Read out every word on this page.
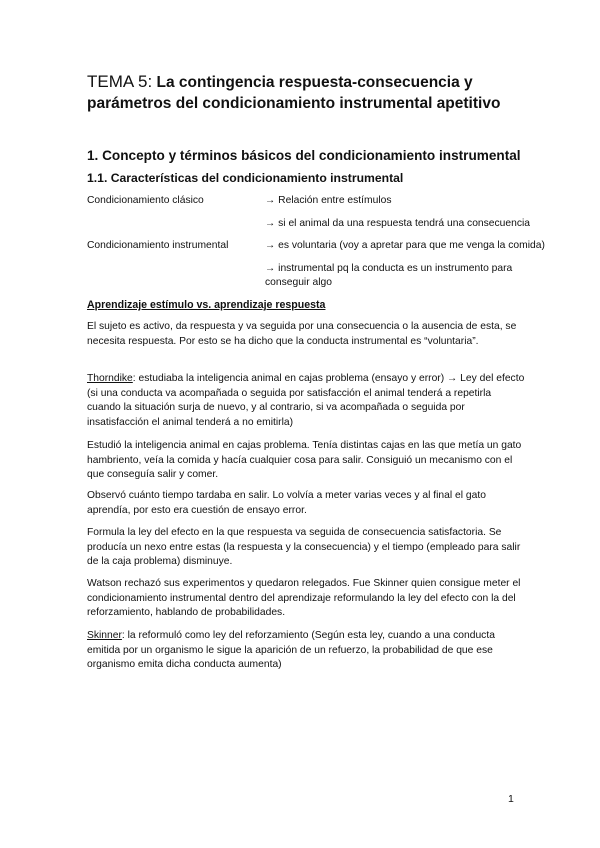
TEMA 5: La contingencia respuesta-consecuencia y
parámetros del condicionamiento instrumental apetitivo
1. Concepto y términos básicos del condicionamiento instrumental
1.1. Características del condicionamiento instrumental
Condicionamiento clásico	→ Relación entre estímulos
→ si el animal da una respuesta tendrá una consecuencia
Condicionamiento instrumental	→ es voluntaria (voy a apretar para que me venga la comida)
→ instrumental pq la conducta es un instrumento para conseguir algo
Aprendizaje estímulo vs. aprendizaje respuesta
El sujeto es activo, da respuesta y va seguida por una consecuencia o la ausencia de esta, se necesita respuesta. Por esto se ha dicho que la conducta instrumental es “voluntaria”.
Thorndike: estudiaba la inteligencia animal en cajas problema (ensayo y error) → Ley del efecto (si una conducta va acompañada o seguida por satisfacción el animal tenderá a repetirla cuando la situación surja de nuevo, y al contrario, si va acompañada o seguida por insatisfacción el animal tenderá a no emitirla)
Estudió la inteligencia animal en cajas problema. Tenía distintas cajas en las que metía un gato hambriento, veía la comida y hacía cualquier cosa para salir. Consiguió un mecanismo con el que conseguía salir y comer.
Observó cuánto tiempo tardaba en salir. Lo volvía a meter varias veces y al final el gato aprendía, por esto era cuestión de ensayo error.
Formula la ley del efecto en la que respuesta va seguida de consecuencia satisfactoria. Se producía un nexo entre estas (la respuesta y la consecuencia) y el tiempo (empleado para salir de la caja problema) disminuye.
Watson rechazó sus experimentos y quedaron relegados. Fue Skinner quien consigue meter el condicionamiento instrumental dentro del aprendizaje reformulando la ley del efecto con la del reforzamiento, hablando de probabilidades.
Skinner: la reformuló como ley del reforzamiento (Según esta ley, cuando a una conducta emitida por un organismo le sigue la aparición de un refuerzo, la probabilidad de que ese organismo emita dicha conducta aumenta)
1
